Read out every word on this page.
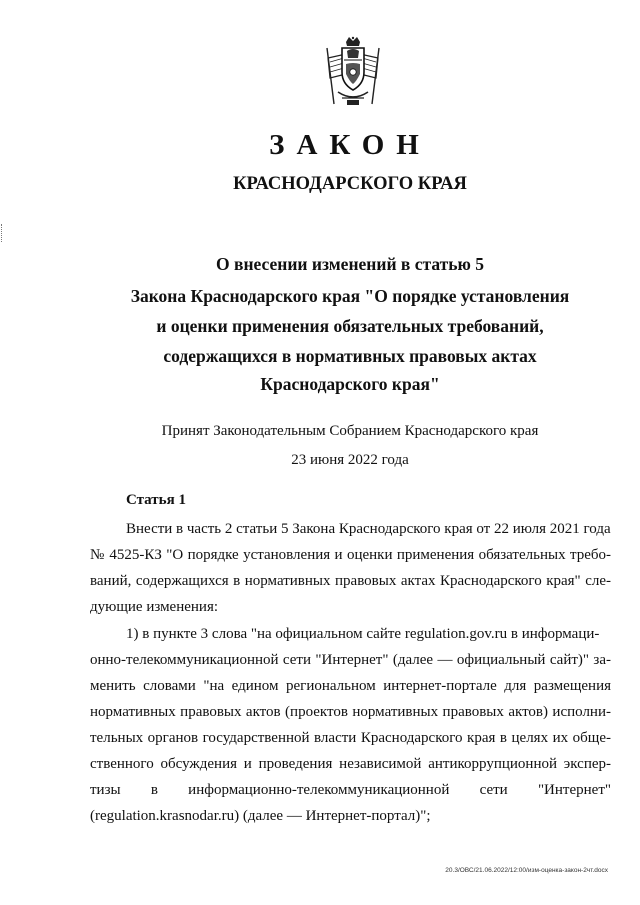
ЗАКОН
КРАСНОДАРСКОГО КРАЯ
О внесении изменений в статью 5
Закона Краснодарского края "О порядке установления
и оценки применения обязательных требований,
содержащихся в нормативных правовых актах
Краснодарского края"
Принят Законодательным Собранием Краснодарского края
23 июня 2022 года
Статья 1
Внести в часть 2 статьи 5 Закона Краснодарского края от 22 июля 2021 года
№ 4525-КЗ "О порядке установления и оценки применения обязательных требо-
ваний, содержащихся в нормативных правовых актах Краснодарского края" сле-
дующие изменения:
1) в пункте 3 слова "на официальном сайте regulation.gov.ru в информаци-
онно-телекоммуникационной сети "Интернет" (далее — официальный сайт)" за-
менить словами "на едином региональном интернет-портале для размещения
нормативных правовых актов (проектов нормативных правовых актов) исполни-
тельных органов государственной власти Краснодарского края в целях их обще-
ственного обсуждения и проведения независимой антикоррупционной экспер-
тизы в информационно-телекоммуникационной сети "Интернет"
(regulation.krasnodar.ru) (далее — Интернет-портал)";
20.3/ОВС/21.06.2022/12:00/изм-оценка-закон-2чт.docx
